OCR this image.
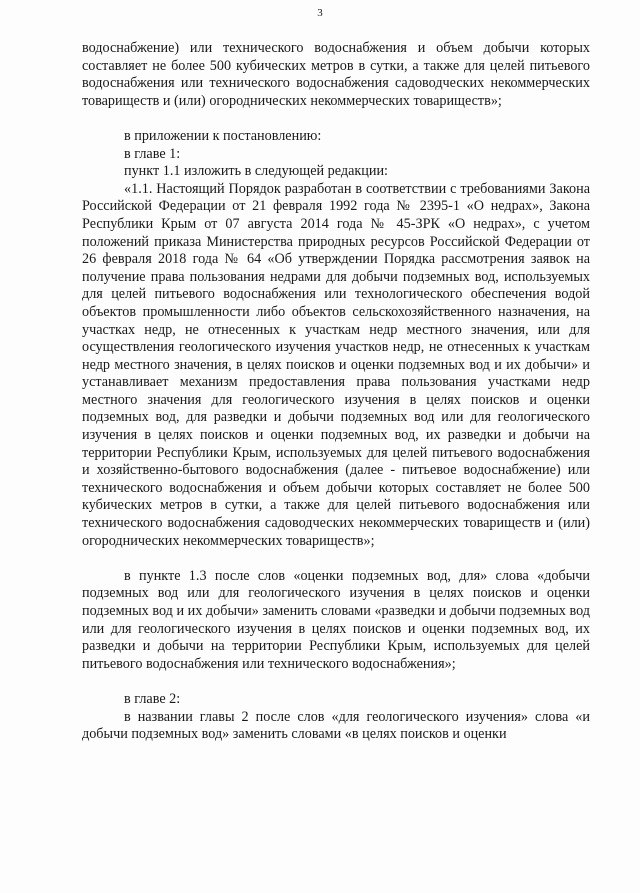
3

водоснабжение) или технического водоснабжения и объем добычи которых составляет не более 500 кубических метров в сутки, а также для целей питьевого водоснабжения или технического водоснабжения садоводческих некоммерческих товариществ и (или) огороднических некоммерческих товариществ»;

в приложении к постановлению:

в главе 1:

пункт 1.1 изложить в следующей редакции:

«1.1. Настоящий Порядок разработан в соответствии с требованиями Закона Российской Федерации от 21 февраля 1992 года № 2395-1 «О недрах», Закона Республики Крым от 07 августа 2014 года № 45-ЗРК «О недрах», с учетом положений приказа Министерства природных ресурсов Российской Федерации от 26 февраля 2018 года № 64 «Об утверждении Порядка рассмотрения заявок на получение права пользования недрами для добычи подземных вод, используемых для целей питьевого водоснабжения или технологического обеспечения водой объектов промышленности либо объектов сельскохозяйственного назначения, на участках недр, не отнесенных к участкам недр местного значения, или для осуществления геологического изучения участков недр, не отнесенных к участкам недр местного значения, в целях поисков и оценки подземных вод и их добычи» и устанавливает механизм предоставления права пользования участками недр местного значения для геологического изучения в целях поисков и оценки подземных вод, для разведки и добычи подземных вод или для геологического изучения в целях поисков и оценки подземных вод, их разведки и добычи на территории Республики Крым, используемых для целей питьевого водоснабжения и хозяйственно-бытового водоснабжения (далее - питьевое водоснабжение) или технического водоснабжения и объем добычи которых составляет не более 500 кубических метров в сутки, а также для целей питьевого водоснабжения или технического водоснабжения садоводческих некоммерческих товариществ и (или) огороднических некоммерческих товариществ»;

в пункте 1.3 после слов «оценки подземных вод, для» слова «добычи подземных вод или для геологического изучения в целях поисков и оценки подземных вод и их добычи» заменить словами «разведки и добычи подземных вод или для геологического изучения в целях поисков и оценки подземных вод, их разведки и добычи на территории Республики Крым, используемых для целей питьевого водоснабжения или технического водоснабжения»;

в главе 2:

в названии главы 2 после слов «для геологического изучения» слова «и добычи подземных вод» заменить словами «в целях поисков и оценки
